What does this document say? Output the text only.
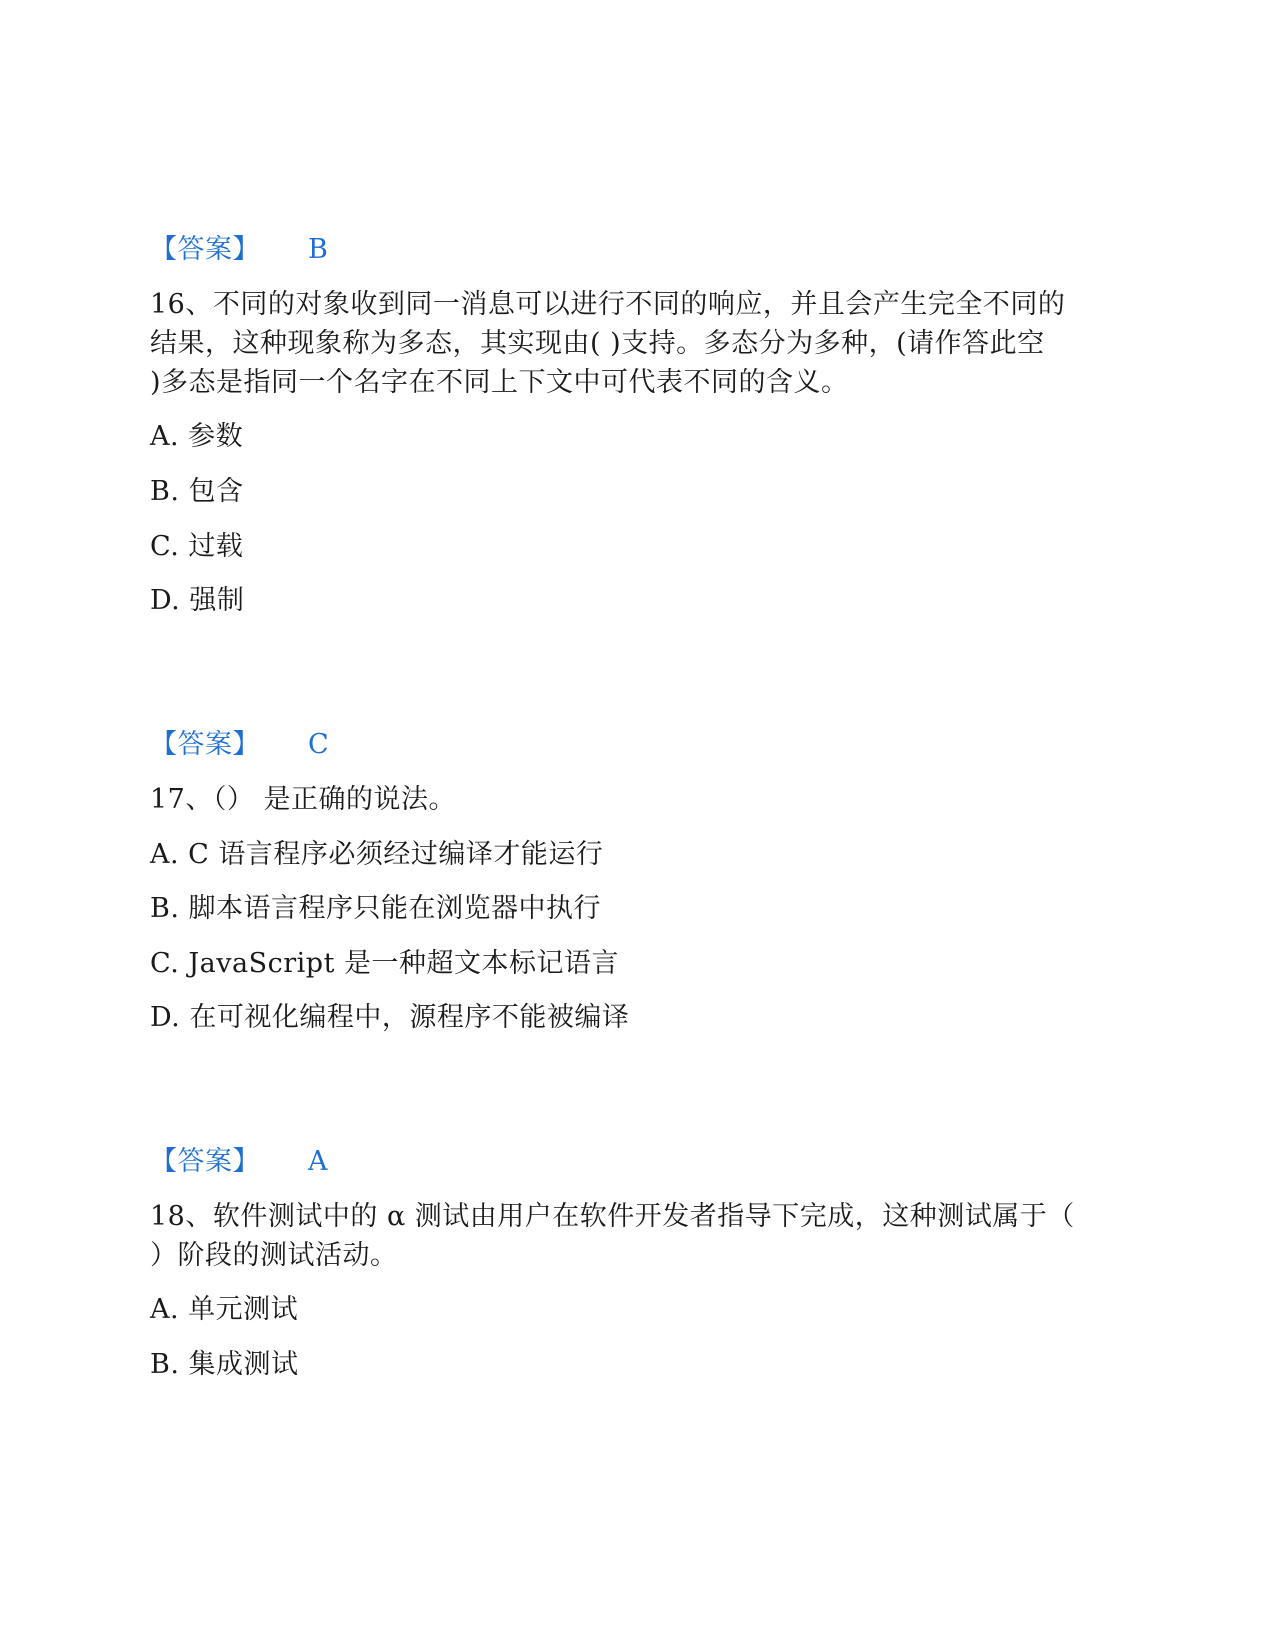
【答案】 B
16、不同的对象收到同一消息可以进行不同的响应，并且会产生完全不同的
结果，这种现象称为多态，其实现由( )支持。多态分为多种，(请作答此空
)多态是指同一个名字在不同上下文中可代表不同的含义。
A. 参数
B. 包含
C. 过载
D. 强制
【答案】 C
17、（） 是正确的说法。
A. C 语言程序必须经过编译才能运行
B. 脚本语言程序只能在浏览器中执行
C. JavaScript 是一种超文本标记语言
D. 在可视化编程中，源程序不能被编译
【答案】 A
18、软件测试中的 α 测试由用户在软件开发者指导下完成，这种测试属于（
）阶段的测试活动。
A. 单元测试
B. 集成测试
